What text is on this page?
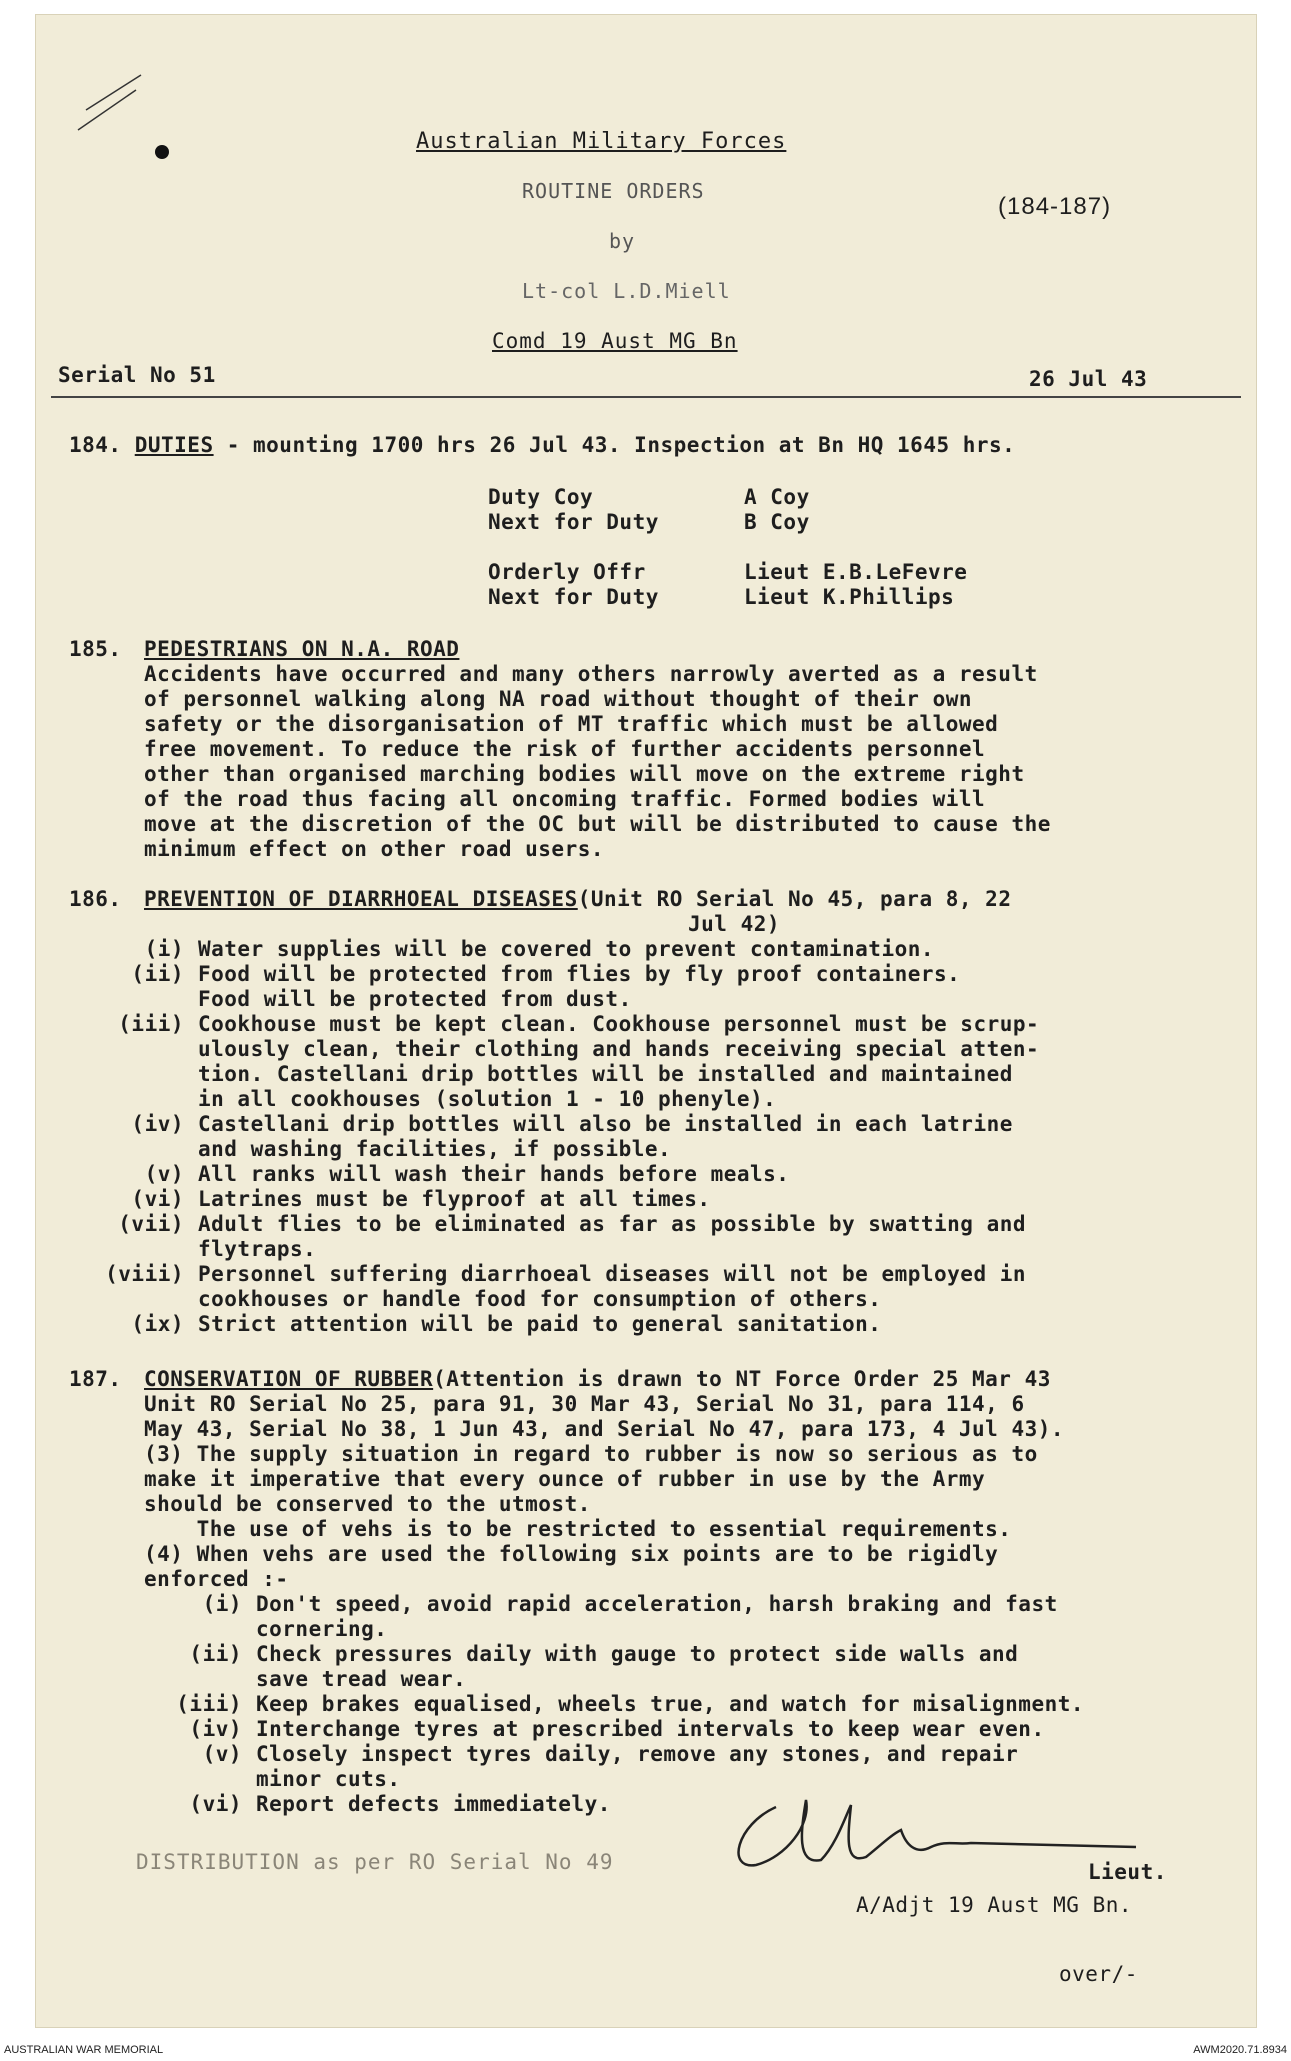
Australian Military Forces
ROUTINE ORDERS
by
Lt-col L.D.Miell
Comd 19 Aust MG Bn
(184-187)
Serial No 51	26 Jul 43
184. DUTIES - mounting 1700 hrs 26 Jul 43. Inspection at Bn HQ 1645 hrs.
Duty Coy	A Coy
Next for Duty	B Coy
Orderly Offr	Lieut E.B.LeFevre
Next for Duty	Lieut K.Phillips
185. PEDESTRIANS ON N.A. ROAD
Accidents have occurred and many others narrowly averted as a result
of personnel walking along NA road without thought of their own
safety or the disorganisation of MT traffic which must be allowed
free movement. To reduce the risk of further accidents personnel
other than organised marching bodies will move on the extreme right
of the road thus facing all oncoming traffic. Formed bodies will
move at the discretion of the OC but will be distributed to cause the
minimum effect on other road users.
186. PREVENTION OF DIARRHOEAL DISEASES(Unit RO Serial No 45, para 8, 22
Jul 42)
(i) Water supplies will be covered to prevent contamination.
(ii) Food will be protected from flies by fly proof containers.
Food will be protected from dust.
(iii) Cookhouse must be kept clean. Cookhouse personnel must be scrup-
ulously clean, their clothing and hands receiving special atten-
tion. Castellani drip bottles will be installed and maintained
in all cookhouses (solution 1 - 10 phenyle).
(iv) Castellani drip bottles will also be installed in each latrine
and washing facilities, if possible.
(v) All ranks will wash their hands before meals.
(vi) Latrines must be flyproof at all times.
(vii) Adult flies to be eliminated as far as possible by swatting and
flytraps.
(viii) Personnel suffering diarrhoeal diseases will not be employed in
cookhouses or handle food for consumption of others.
(ix) Strict attention will be paid to general sanitation.
187. CONSERVATION OF RUBBER(Attention is drawn to NT Force Order 25 Mar 43
Unit RO Serial No 25, para 91, 30 Mar 43, Serial No 31, para 114, 6
May 43, Serial No 38, 1 Jun 43, and Serial No 47, para 173, 4 Jul 43).
(3) The supply situation in regard to rubber is now so serious as to
make it imperative that every ounce of rubber in use by the Army
should be conserved to the utmost.
The use of vehs is to be restricted to essential requirements.
(4) When vehs are used the following six points are to be rigidly
enforced :-
(i) Don't speed, avoid rapid acceleration, harsh braking and fast
cornering.
(ii) Check pressures daily with gauge to protect side walls and
save tread wear.
(iii) Keep brakes equalised, wheels true, and watch for misalignment.
(iv) Interchange tyres at prescribed intervals to keep wear even.
(v) Closely inspect tyres daily, remove any stones, and repair
minor cuts.
(vi) Report defects immediately.
DISTRIBUTION as per RO Serial No 49	Lieut.
A/Adjt 19 Aust MG Bn.
over/-
AUSTRALIAN WAR MEMORIAL	AWM2020.71.8934
